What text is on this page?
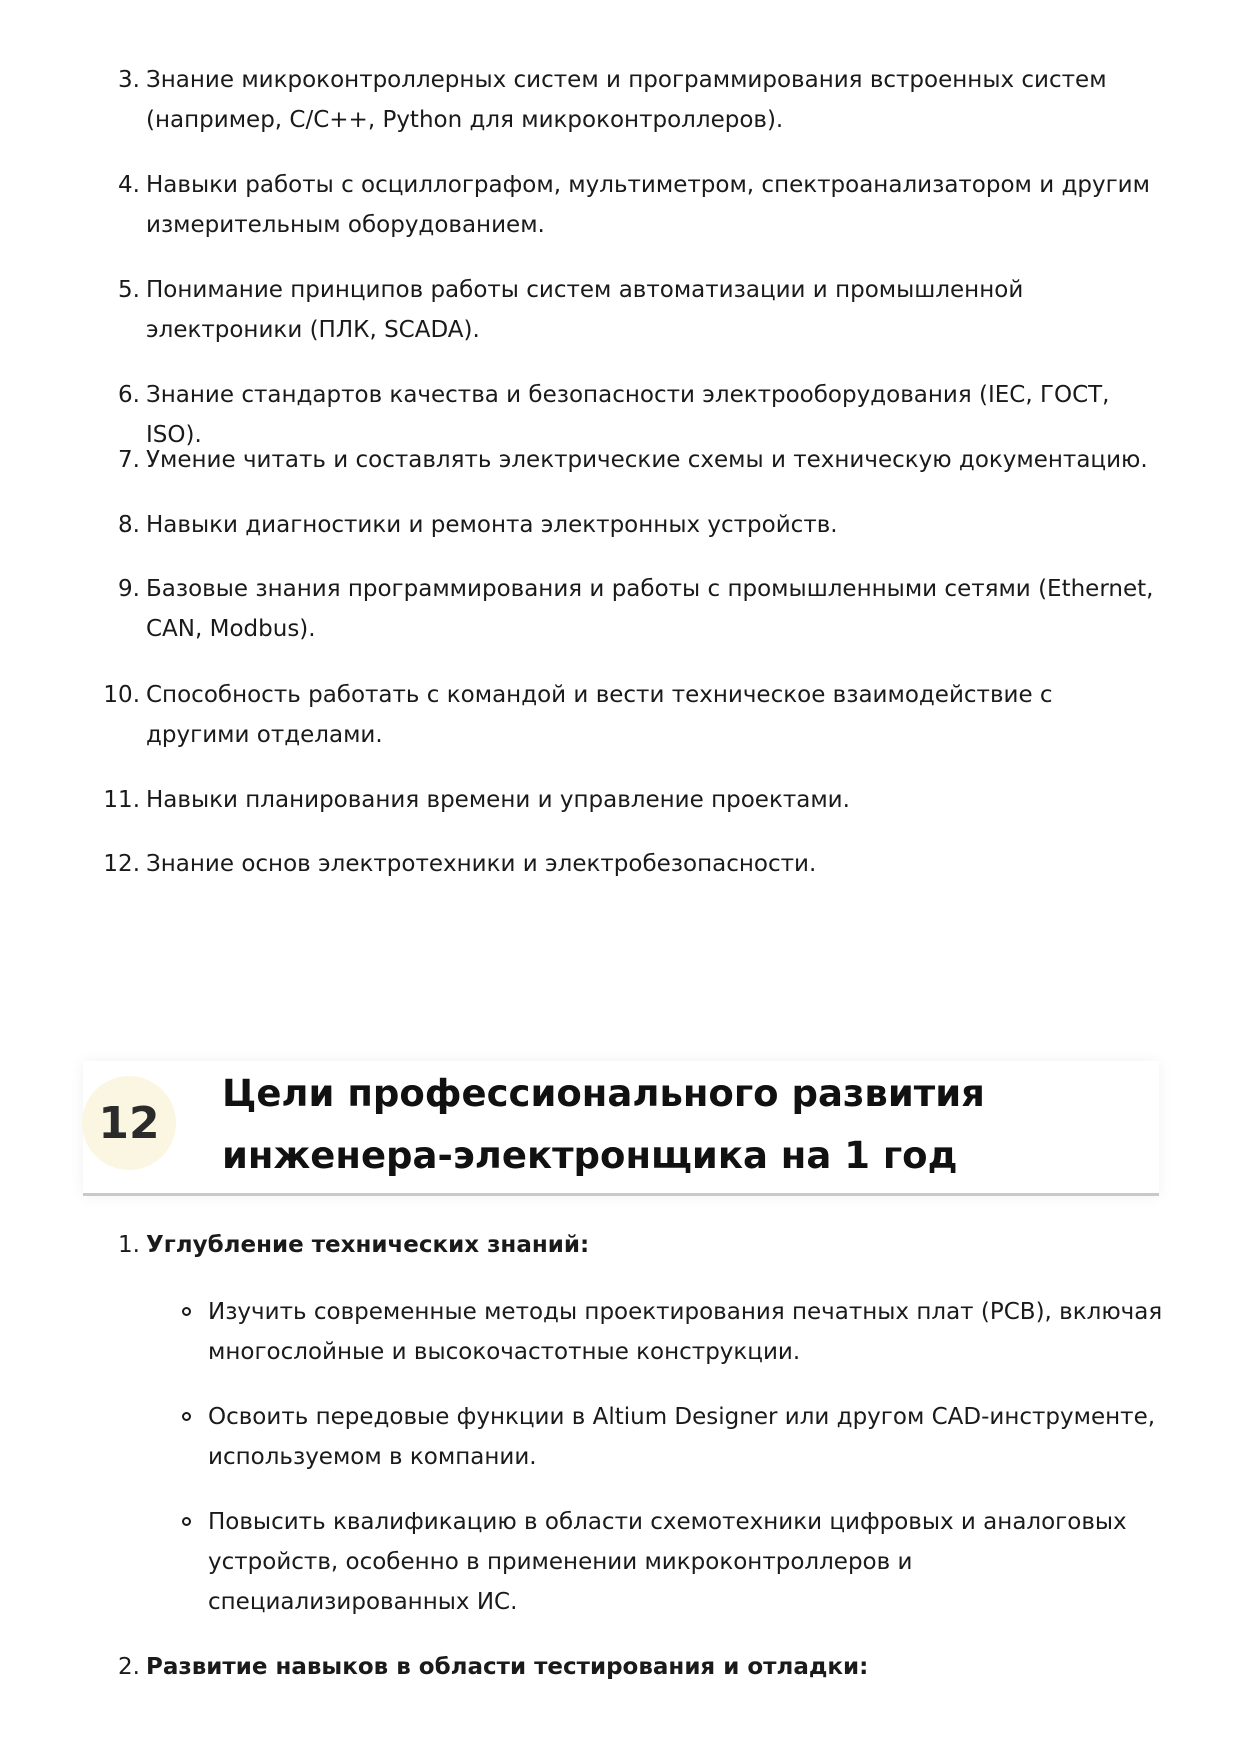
3. Знание микроконтроллерных систем и программирования встроенных систем (например, C/C++, Python для микроконтроллеров).
4. Навыки работы с осциллографом, мультиметром, спектроанализатором и другим измерительным оборудованием.
5. Понимание принципов работы систем автоматизации и промышленной электроники (ПЛК, SCADA).
6. Знание стандартов качества и безопасности электрооборудования (IEC, ГОСТ, ISO).
7. Умение читать и составлять электрические схемы и техническую документацию.
8. Навыки диагностики и ремонта электронных устройств.
9. Базовые знания программирования и работы с промышленными сетями (Ethernet, CAN, Modbus).
10. Способность работать с командой и вести техническое взаимодействие с другими отделами.
11. Навыки планирования времени и управление проектами.
12. Знание основ электротехники и электробезопасности.
12
Цели профессионального развития инженера-электронщика на 1 год
1. Углубление технических знаний:
Изучить современные методы проектирования печатных плат (PCB), включая многослойные и высокочастотные конструкции.
Освоить передовые функции в Altium Designer или другом CAD-инструменте, используемом в компании.
Повысить квалификацию в области схемотехники цифровых и аналоговых устройств, особенно в применении микроконтроллеров и специализированных ИС.
2. Развитие навыков в области тестирования и отладки:
